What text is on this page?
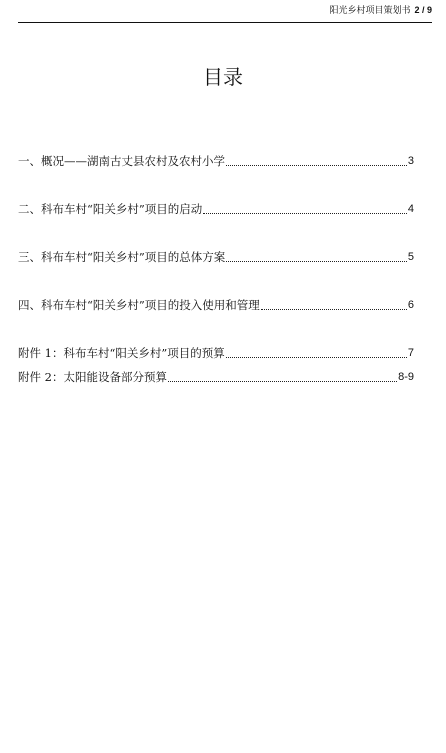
阳光乡村项目策划书 2 / 9
目录
一、概况——湖南古丈县农村及农村小学	3
二、科布车村“阳关乡村”项目的启动	4
三、科布车村“阳关乡村”项目的总体方案	5
四、科布车村“阳关乡村”项目的投入使用和管理	6
附件 1：科布车村“阳关乡村”项目的预算	7
附件 2：太阳能设备部分预算	8-9
